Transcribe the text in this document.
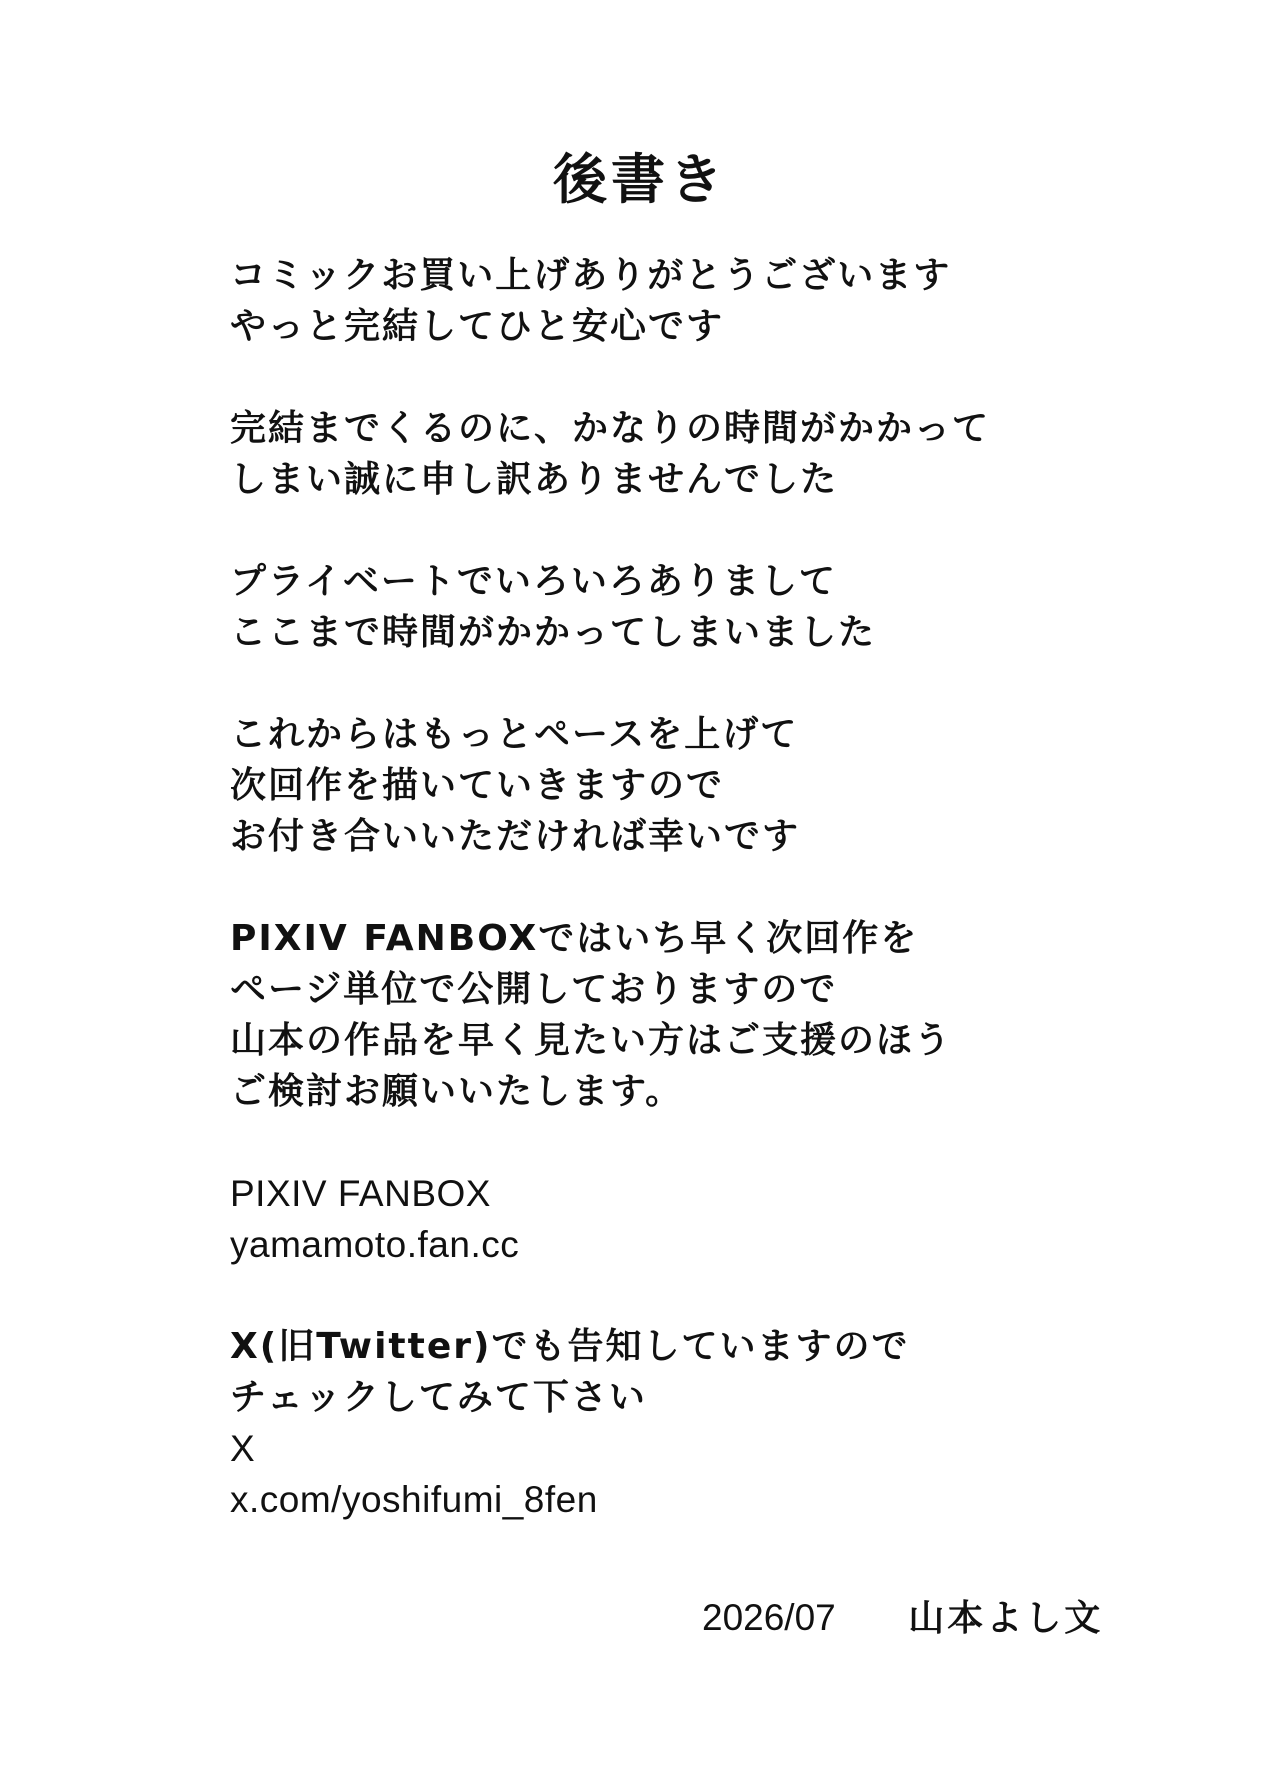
後書き
コミックお買い上げありがとうございます
やっと完結してひと安心です
完結までくるのに、かなりの時間がかかって
しまい誠に申し訳ありませんでした
プライベートでいろいろありまして
ここまで時間がかかってしまいました
これからはもっとペースを上げて
次回作を描いていきますので
お付き合いいただければ幸いです
PIXIV FANBOXではいち早く次回作を
ページ単位で公開しておりますので
山本の作品を早く見たい方はご支援のほう
ご検討お願いいたします。
PIXIV FANBOX
yamamoto.fan.cc
X(旧Twitter)でも告知していますので
チェックしてみて下さい
X
x.com/yoshifumi_8fen
2026/07 山本よし文
